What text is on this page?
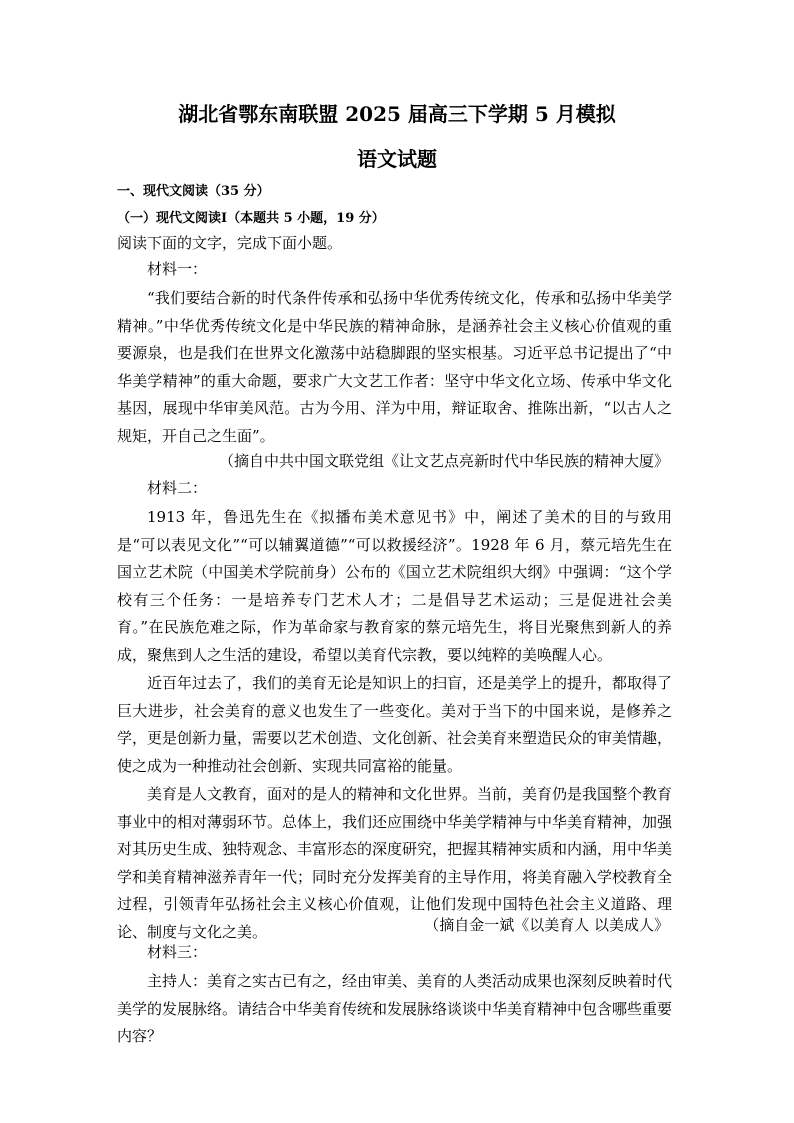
湖北省鄂东南联盟 2025 届高三下学期 5 月模拟
语文试题
一、现代文阅读（35 分）
（一）现代文阅读Ⅰ（本题共 5 小题，19 分）
阅读下面的文字，完成下面小题。
材料一：
“我们要结合新的时代条件传承和弘扬中华优秀传统文化，传承和弘扬中华美学精神。”中华优秀传统文化是中华民族的精神命脉，是涵养社会主义核心价值观的重要源泉，也是我们在世界文化激荡中站稳脚跟的坚实根基。习近平总书记提出了“中华美学精神”的重大命题，要求广大文艺工作者：坚守中华文化立场、传承中华文化基因，展现中华审美风范。古为今用、洋为中用，辩证取舍、推陈出新，“以古人之规矩，开自己之生面”。
（摘自中共中国文联党组《让文艺点亮新时代中华民族的精神大厦》
材料二：
1913 年，鲁迅先生在《拟播布美术意见书》中，阐述了美术的目的与致用是“可以表见文化”“可以辅翼道德”“可以救援经济”。1928 年 6 月，蔡元培先生在国立艺术院（中国美术学院前身）公布的《国立艺术院组织大纲》中强调：“这个学校有三个任务：一是培养专门艺术人才；二是倡导艺术运动；三是促进社会美育。”在民族危难之际，作为革命家与教育家的蔡元培先生，将目光聚焦到新人的养成，聚焦到人之生活的建设，希望以美育代宗教，要以纯粹的美唤醒人心。
近百年过去了，我们的美育无论是知识上的扫盲，还是美学上的提升，都取得了巨大进步，社会美育的意义也发生了一些变化。美对于当下的中国来说，是修养之学，更是创新力量，需要以艺术创造、文化创新、社会美育来塑造民众的审美情趣，使之成为一种推动社会创新、实现共同富裕的能量。
美育是人文教育，面对的是人的精神和文化世界。当前，美育仍是我国整个教育事业中的相对薄弱环节。总体上，我们还应围绕中华美学精神与中华美育精神，加强对其历史生成、独特观念、丰富形态的深度研究，把握其精神实质和内涵，用中华美学和美育精神滋养青年一代；同时充分发挥美育的主导作用，将美育融入学校教育全过程，引领青年弘扬社会主义核心价值观，让他们发现中国特色社会主义道路、理论、制度与文化之美。	（摘自金一斌《以美育人 以美成人》
材料三：
主持人：美育之实古已有之，经由审美、美育的人类活动成果也深刻反映着时代美学的发展脉络。请结合中华美育传统和发展脉络谈谈中华美育精神中包含哪些重要内容？
